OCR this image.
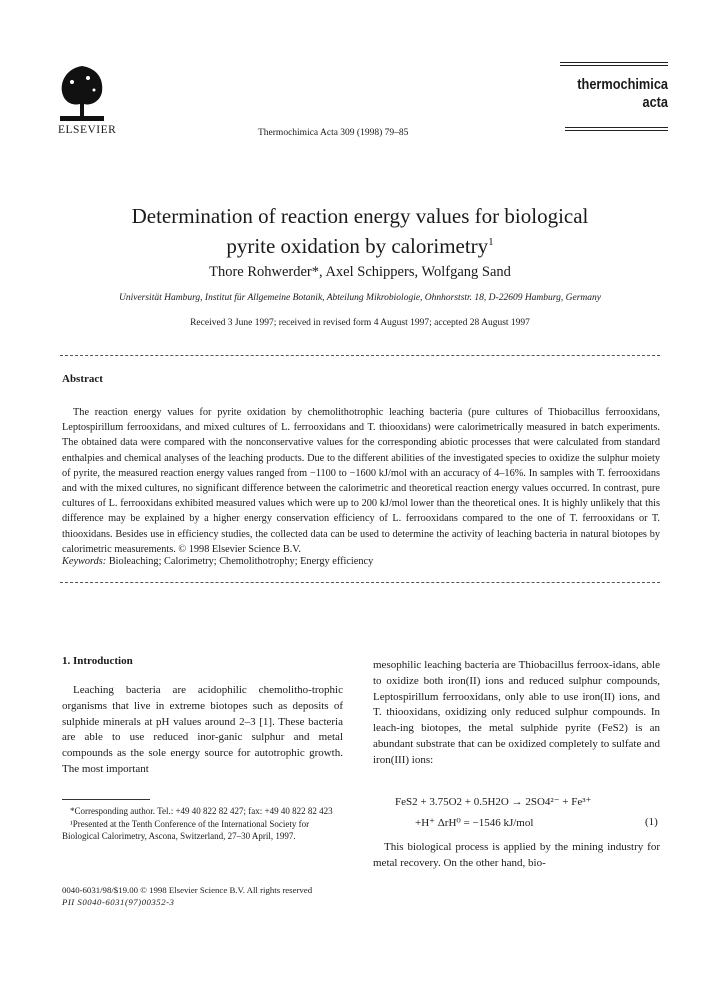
ELSEVIER	Thermochimica Acta 309 (1998) 79–85
thermochimica
acta
Determination of reaction energy values for biological
pyrite oxidation by calorimetry$^1$
Thore Rohwerder*, Axel Schippers, Wolfgang Sand
Universität Hamburg, Institut für Allgemeine Botanik, Abteilung Mikrobiologie, Ohnhorststr. 18, D-22609 Hamburg, Germany
Received 3 June 1997; received in revised form 4 August 1997; accepted 28 August 1997
Abstract
The reaction energy values for pyrite oxidation by chemolithotrophic leaching bacteria (pure cultures of Thiobacillus ferrooxidans, Leptospirillum ferrooxidans, and mixed cultures of L. ferrooxidans and T. thiooxidans) were calorimetrically measured in batch experiments. The obtained data were compared with the nonconservative values for the corresponding abiotic processes that were calculated from standard enthalpies and chemical analyses of the leaching products. Due to the different abilities of the investigated species to oxidize the sulphur moiety of pyrite, the measured reaction energy values ranged from −1100 to −1600 kJ/mol with an accuracy of 4–16%. In samples with T. ferrooxidans and with the mixed cultures, no significant difference between the calorimetric and theoretical reaction energy values occurred. In contrast, pure cultures of L. ferrooxidans exhibited measured values which were up to 200 kJ/mol lower than the theoretical ones. It is highly unlikely that this difference may be explained by a higher energy conservation efficiency of L. ferrooxidans compared to the one of T. ferrooxidans or T. thiooxidans. Besides use in efficiency studies, the collected data can be used to determine the activity of leaching bacteria in natural biotopes by calorimetric measurements. © 1998 Elsevier Science B.V.
Keywords: Bioleaching; Calorimetry; Chemolithotrophy; Energy efficiency
1. Introduction

Leaching bacteria are acidophilic chemolitho-trophic organisms that live in extreme biotopes such as deposits of sulphide minerals at pH values around 2–3 [1]. These bacteria are able to use reduced inor-ganic sulphur and metal compounds as the sole energy source for autotrophic growth. The most important

*Corresponding author. Tel.: +49 40 822 82 427; fax: +49 40 822 82 423

¹Presented at the Tenth Conference of the International Society for Biological Calorimetry, Ascona, Switzerland, 27–30 April, 1997.

0040-6031/98/$19.00 © 1998 Elsevier Science B.V. All rights reserved
PII S0040-6031(97)00352-3

mesophilic leaching bacteria are Thiobacillus ferroox-idans, able to oxidize both iron(II) ions and reduced sulphur compounds, Leptospirillum ferrooxidans, only able to use iron(II) ions, and T. thiooxidans, oxidizing only reduced sulphur compounds. In leach-ing biotopes, the metal sulphide pyrite (FeS2) is an abundant substrate that can be oxidized completely to sulfate and iron(III) ions:

FeS2 + 3.75O2 + 0.5H2O → 2SO4²⁻ + Fe³⁺
+H⁺ ΔrH⁰ = −1546 kJ/mol	(1)

This biological process is applied by the mining industry for metal recovery. On the other hand, bio-
